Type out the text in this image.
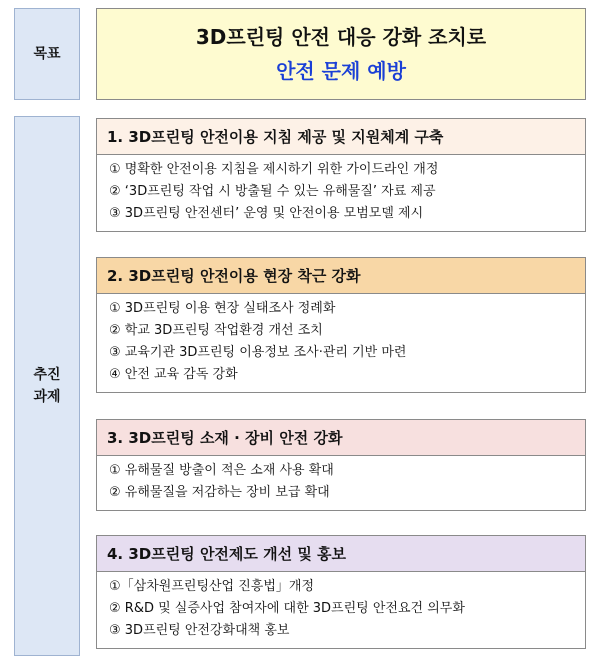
목표
3D프린팅 안전 대응 강화 조치로
안전 문제 예방
추진
과제
1. 3D프린팅 안전이용 지침 제공 및 지원체계 구축
① 명확한 안전이용 지침을 제시하기 위한 가이드라인 개정
② ‘3D프린팅 작업 시 방출될 수 있는 유해물질’ 자료 제공
③ 3D프린팅 안전센터’ 운영 및 안전이용 모범모델 제시
2. 3D프린팅 안전이용 현장 착근 강화
① 3D프린팅 이용 현장 실태조사 정례화
② 학교 3D프린팅 작업환경 개선 조치
③ 교육기관 3D프린팅 이용정보 조사·관리 기반 마련
④ 안전 교육 감독 강화
3. 3D프린팅 소재 · 장비 안전 강화
① 유해물질 방출이 적은 소재 사용 확대
② 유해물질을 저감하는 장비 보급 확대
4. 3D프린팅 안전제도 개선 및 홍보
①「삼차원프린팅산업 진흥법」개정
② R&D 및 실증사업 참여자에 대한 3D프린팅 안전요건 의무화
③ 3D프린팅 안전강화대책 홍보
